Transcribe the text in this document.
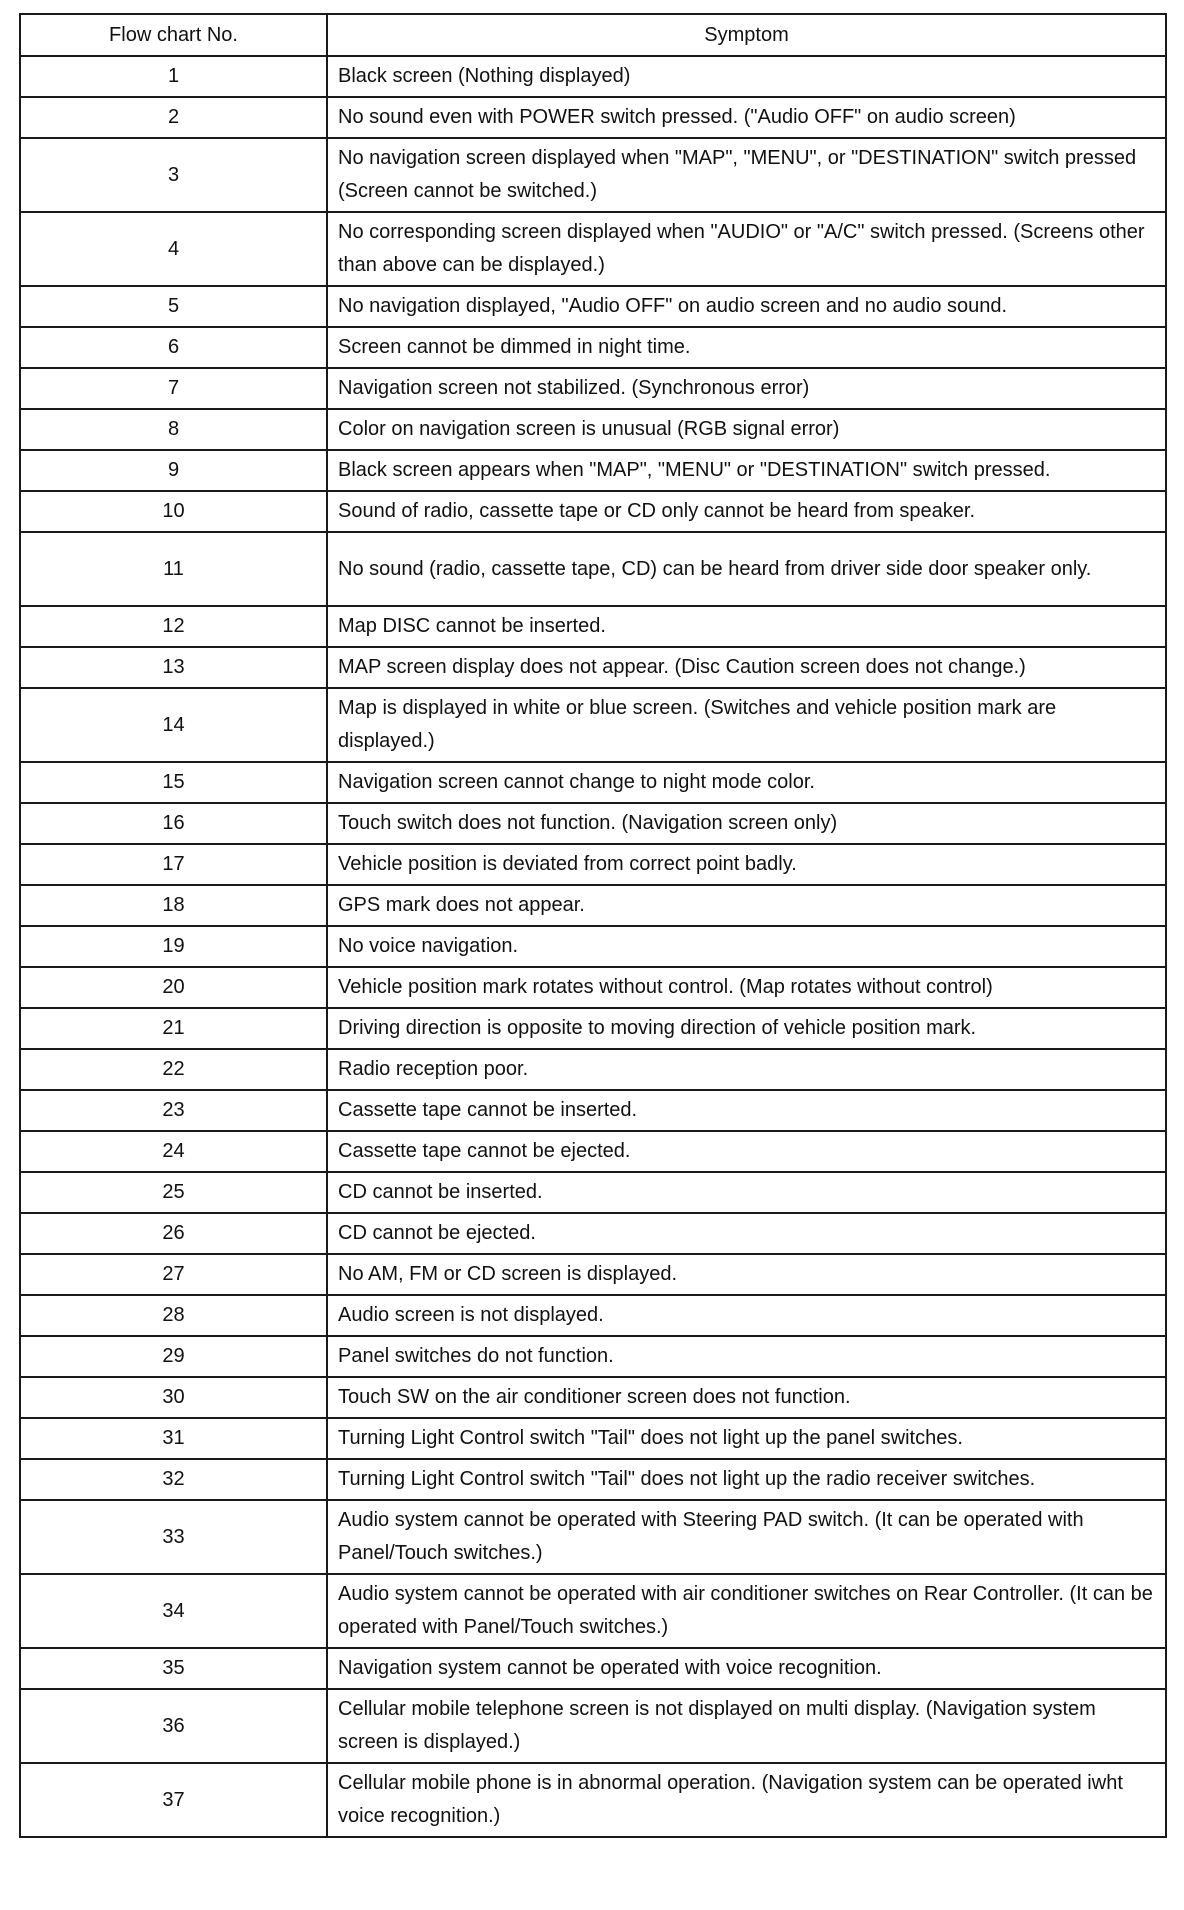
Flow chart No.	Symptom
1	Black screen (Nothing displayed)
2	No sound even with POWER switch pressed. ("Audio OFF" on audio screen)
3	No navigation screen displayed when "MAP", "MENU", or "DESTINATION" switch pressed (Screen cannot be switched.)
4	No corresponding screen displayed when "AUDIO" or "A/C" switch pressed. (Screens other than above can be displayed.)
5	No navigation displayed, "Audio OFF" on audio screen and no audio sound.
6	Screen cannot be dimmed in night time.
7	Navigation screen not stabilized. (Synchronous error)
8	Color on navigation screen is unusual (RGB signal error)
9	Black screen appears when "MAP", "MENU" or "DESTINATION" switch pressed.
10	Sound of radio, cassette tape or CD only cannot be heard from speaker.
11	No sound (radio, cassette tape, CD) can be heard from driver side door speaker only.
12	Map DISC cannot be inserted.
13	MAP screen display does not appear. (Disc Caution screen does not change.)
14	Map is displayed in white or blue screen. (Switches and vehicle position mark are displayed.)
15	Navigation screen cannot change to night mode color.
16	Touch switch does not function. (Navigation screen only)
17	Vehicle position is deviated from correct point badly.
18	GPS mark does not appear.
19	No voice navigation.
20	Vehicle position mark rotates without control. (Map rotates without control)
21	Driving direction is opposite to moving direction of vehicle position mark.
22	Radio reception poor.
23	Cassette tape cannot be inserted.
24	Cassette tape cannot be ejected.
25	CD cannot be inserted.
26	CD cannot be ejected.
27	No AM, FM or CD screen is displayed.
28	Audio screen is not displayed.
29	Panel switches do not function.
30	Touch SW on the air conditioner screen does not function.
31	Turning Light Control switch "Tail" does not light up the panel switches.
32	Turning Light Control switch "Tail" does not light up the radio receiver switches.
33	Audio system cannot be operated with Steering PAD switch. (It can be operated with Panel/Touch switches.)
34	Audio system cannot be operated with air conditioner switches on Rear Controller. (It can be operated with Panel/Touch switches.)
35	Navigation system cannot be operated with voice recognition.
36	Cellular mobile telephone screen is not displayed on multi display. (Navigation system screen is displayed.)
37	Cellular mobile phone is in abnormal operation. (Navigation system can be operated iwht voice recognition.)
